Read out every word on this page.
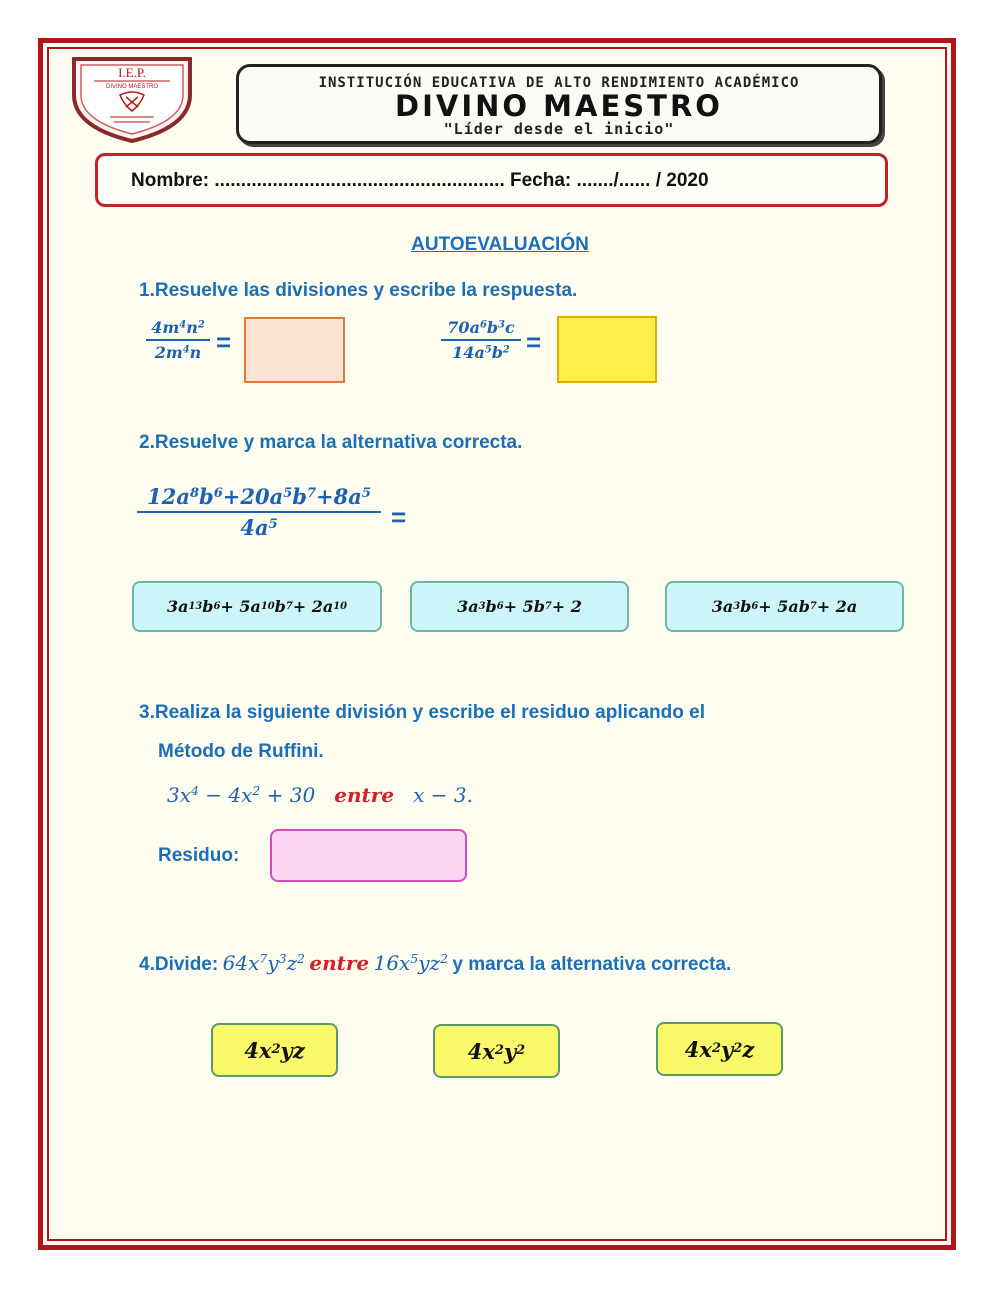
I.E.P.
DIVINO MAESTRO	INSTITUCIÓN EDUCATIVA DE ALTO RENDIMIENTO ACADÉMICO
DIVINO MAESTRO
"Líder desde el inicio"
Nombre: ....................................................... Fecha: ......./...... / 2020
AUTOEVALUACIÓN
1.Resuelve las divisiones y escribe la respuesta.
$4m^4n^2$
$2m^4n$ =	$70a^6b^3c$
$14a^5b^2$ =
2.Resuelve y marca la alternativa correcta.
$12a^8b^6+20a^5b^7+8a^5$
$4a^5$	=
3a 13 b 6 + 5a 10 b 7 + 2a 10	3a 3 b 6 + 5b 7 + 2	3a 3 b 6 + 5ab 7 + 2a
3.Realiza la siguiente división y escribe el residuo aplicando el
Método de Ruffini.
$3x^4 - 4x^2 + 30$ entre x − 3.
Residuo:
4.Divide: $64x^7y^3z^2$ entre $16x^5yz^2$ y marca la alternativa correcta.
4x 2 yz	4x 2 y 2	4x 2 y 2 z
